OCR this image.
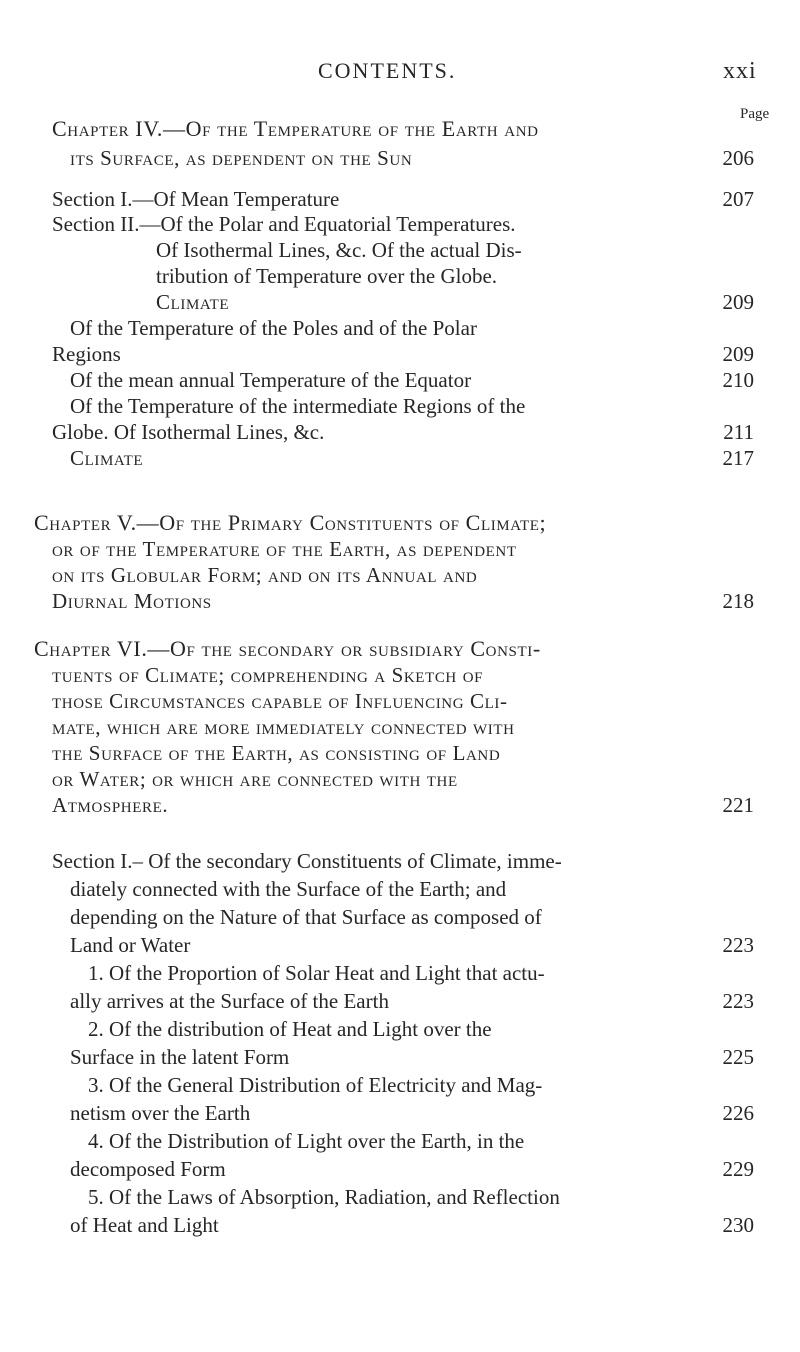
CONTENTS.	xxi
Page
Chapter IV.—Of the Temperature of the Earth and
its Surface, as dependent on the Sun	206
Section I.—Of Mean Temperature	207
Section II.—Of the Polar and Equatorial Temperatures.
Of Isothermal Lines, &c. Of the actual Dis-
tribution of Temperature over the Globe.
Climate	209
Of the Temperature of the Poles and of the Polar
Regions	209
Of the mean annual Temperature of the Equator	210
Of the Temperature of the intermediate Regions of the
Globe. Of Isothermal Lines, &c.	211
Climate	217
Chapter V.—Of the Primary Constituents of Climate;
or of the Temperature of the Earth, as dependent
on its Globular Form; and on its Annual and
Diurnal Motions	218
Chapter VI.—Of the secondary or subsidiary Consti-
tuents of Climate; comprehending a Sketch of
those Circumstances capable of Influencing Cli-
mate, which are more immediately connected with
the Surface of the Earth, as consisting of Land
or Water; or which are connected with the
Atmosphere.	221
Section I.– Of the secondary Constituents of Climate, imme-
diately connected with the Surface of the Earth; and
depending on the Nature of that Surface as composed of
Land or Water	223
1. Of the Proportion of Solar Heat and Light that actu-
ally arrives at the Surface of the Earth	223
2. Of the distribution of Heat and Light over the
Surface in the latent Form	225
3. Of the General Distribution of Electricity and Mag-
netism over the Earth	226
4. Of the Distribution of Light over the Earth, in the
decomposed Form	229
5. Of the Laws of Absorption, Radiation, and Reflection
of Heat and Light	230
